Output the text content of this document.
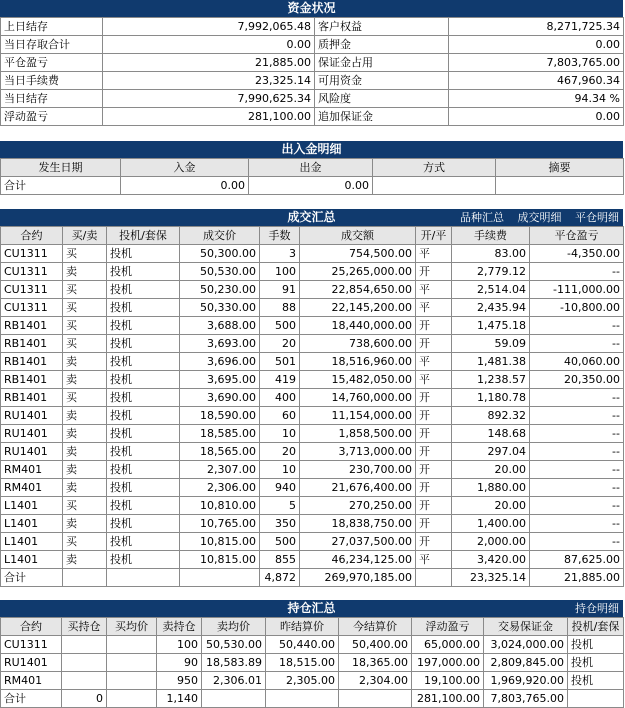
资金状况
上日结存	7,992,065.48	客户权益	8,271,725.34
当日存取合计	0.00	质押金	0.00
平仓盈亏	21,885.00	保证金占用	7,803,765.00
当日手续费	23,325.14	可用资金	467,960.34
当日结存	7,990,625.34	风险度	94.34 %
浮动盈亏	281,100.00	追加保证金	0.00
出入金明细
发生日期	入金	出金	方式	摘要
合计	0.00	0.00		
成交汇总	品种汇总 成交明细 平仓明细
合约	买/卖	投机/套保	成交价	手数	成交额	开/平	手续费	平仓盈亏
CU1311	买	投机	50,300.00	3	754,500.00	平	83.00	-4,350.00
CU1311	卖	投机	50,530.00	100	25,265,000.00	开	2,779.12	--
CU1311	买	投机	50,230.00	91	22,854,650.00	平	2,514.04	-111,000.00
CU1311	买	投机	50,330.00	88	22,145,200.00	平	2,435.94	-10,800.00
RB1401	买	投机	3,688.00	500	18,440,000.00	开	1,475.18	--
RB1401	买	投机	3,693.00	20	738,600.00	开	59.09	--
RB1401	卖	投机	3,696.00	501	18,516,960.00	平	1,481.38	40,060.00
RB1401	卖	投机	3,695.00	419	15,482,050.00	平	1,238.57	20,350.00
RB1401	买	投机	3,690.00	400	14,760,000.00	开	1,180.78	--
RU1401	卖	投机	18,590.00	60	11,154,000.00	开	892.32	--
RU1401	卖	投机	18,585.00	10	1,858,500.00	开	148.68	--
RU1401	卖	投机	18,565.00	20	3,713,000.00	开	297.04	--
RM401	卖	投机	2,307.00	10	230,700.00	开	20.00	--
RM401	卖	投机	2,306.00	940	21,676,400.00	开	1,880.00	--
L1401	买	投机	10,810.00	5	270,250.00	开	20.00	--
L1401	卖	投机	10,765.00	350	18,838,750.00	开	1,400.00	--
L1401	买	投机	10,815.00	500	27,037,500.00	开	2,000.00	--
L1401	卖	投机	10,815.00	855	46,234,125.00	平	3,420.00	87,625.00
合计				4,872	269,970,185.00		23,325.14	21,885.00
持仓汇总	持仓明细
合约	买持仓	买均价	卖持仓	卖均价	昨结算价	今结算价	浮动盈亏	交易保证金	投机/套保
CU1311			100	50,530.00	50,440.00	50,400.00	65,000.00	3,024,000.00	投机
RU1401			90	18,583.89	18,515.00	18,365.00	197,000.00	2,809,845.00	投机
RM401			950	2,306.01	2,305.00	2,304.00	19,100.00	1,969,920.00	投机
合计	0		1,140				281,100.00	7,803,765.00	
